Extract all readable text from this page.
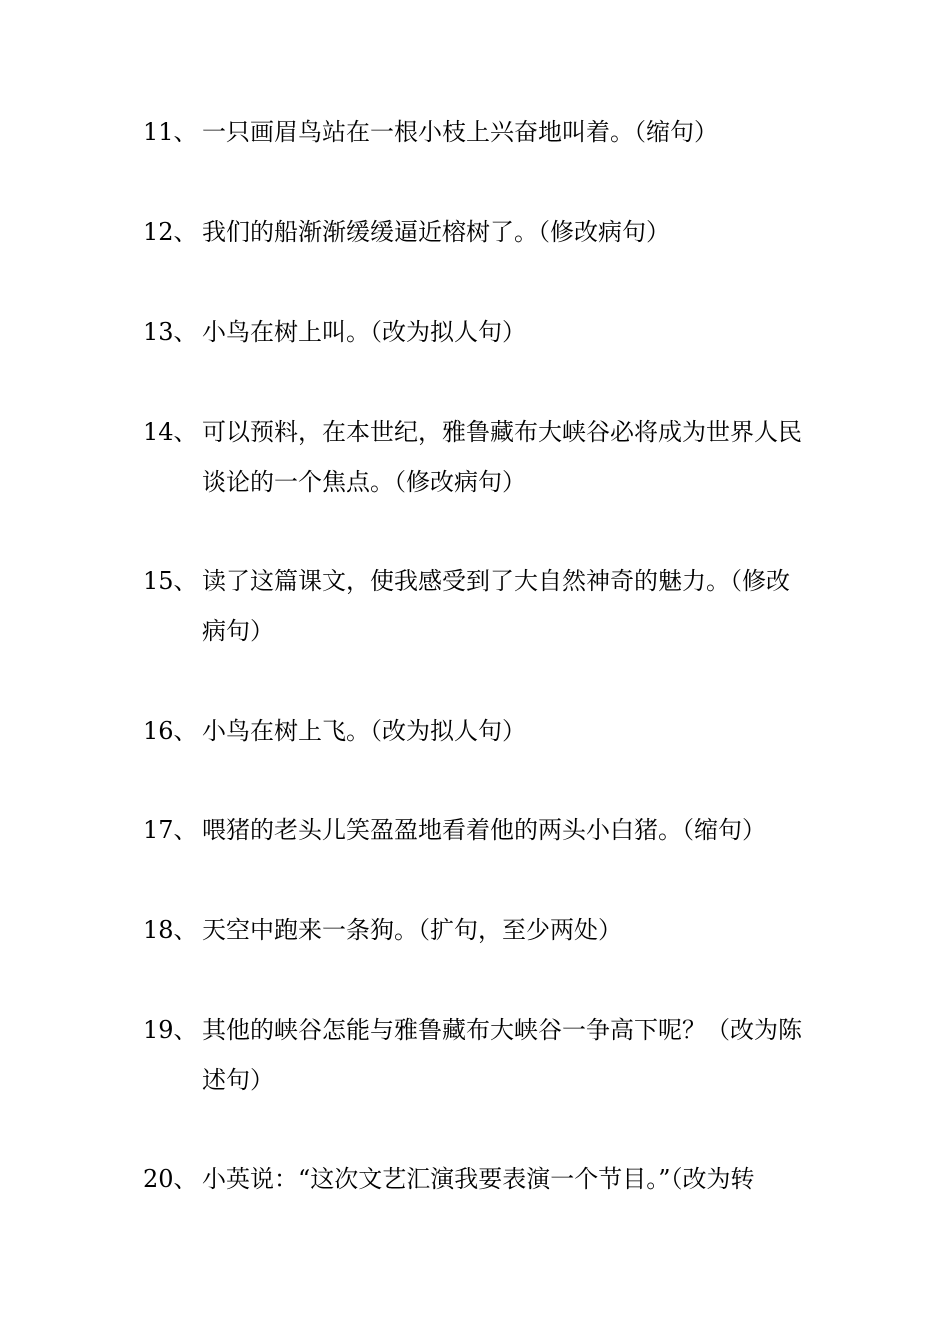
11、 一只画眉鸟站在一根小枝上兴奋地叫着。（缩句）
12、 我们的船渐渐缓缓逼近榕树了。（修改病句）
13、 小鸟在树上叫。（改为拟人句）
14、 可以预料，在本世纪，雅鲁藏布大峡谷必将成为世界人民谈论的一个焦点。（修改病句）
15、 读了这篇课文，使我感受到了大自然神奇的魅力。（修改病句）
16、 小鸟在树上飞。（改为拟人句）
17、 喂猪的老头儿笑盈盈地看着他的两头小白猪。（缩句）
18、 天空中跑来一条狗。（扩句，至少两处）
19、 其他的峡谷怎能与雅鲁藏布大峡谷一争高下呢？（改为陈述句）
20、 小英说：“这次文艺汇演我要表演一个节目。”（改为转
